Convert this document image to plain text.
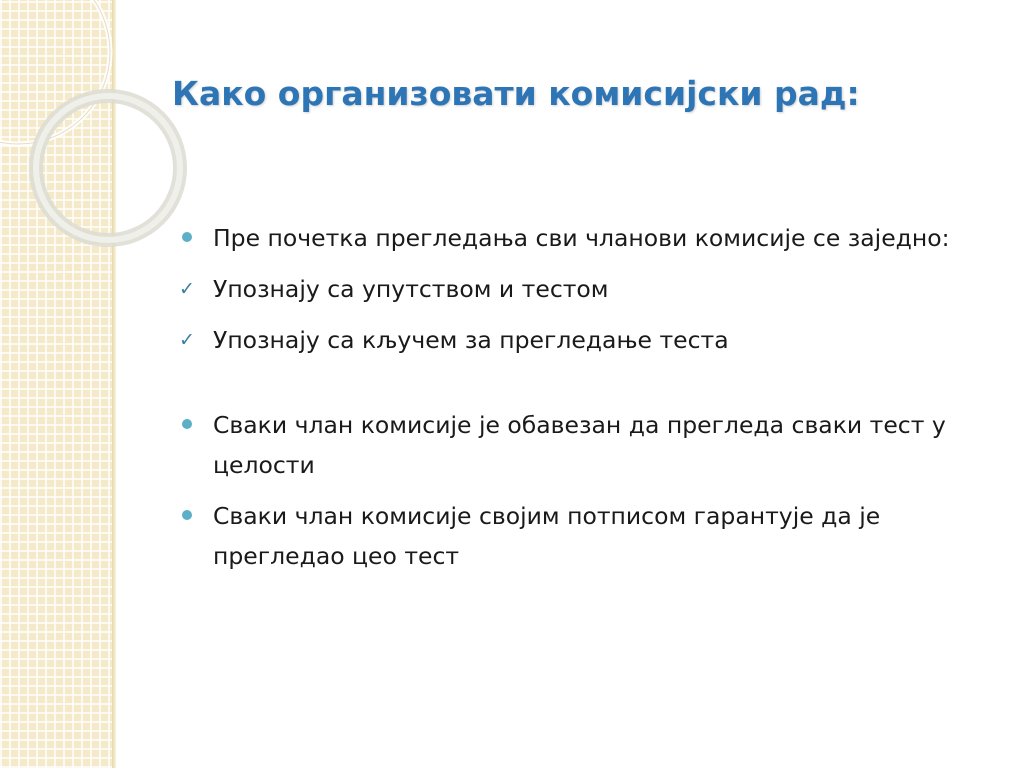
Како организовати комисијски рад:
Пре почетка прегледања сви чланови комисије се заједно:
✓ Упознају са упутством и тестом
✓ Упознају са кључем за прегледање теста
Сваки члан комисије је обавезан да прегледа сваки тест у целости
Сваки члан комисије својим потписом гарантује да је прегледао цео тест
